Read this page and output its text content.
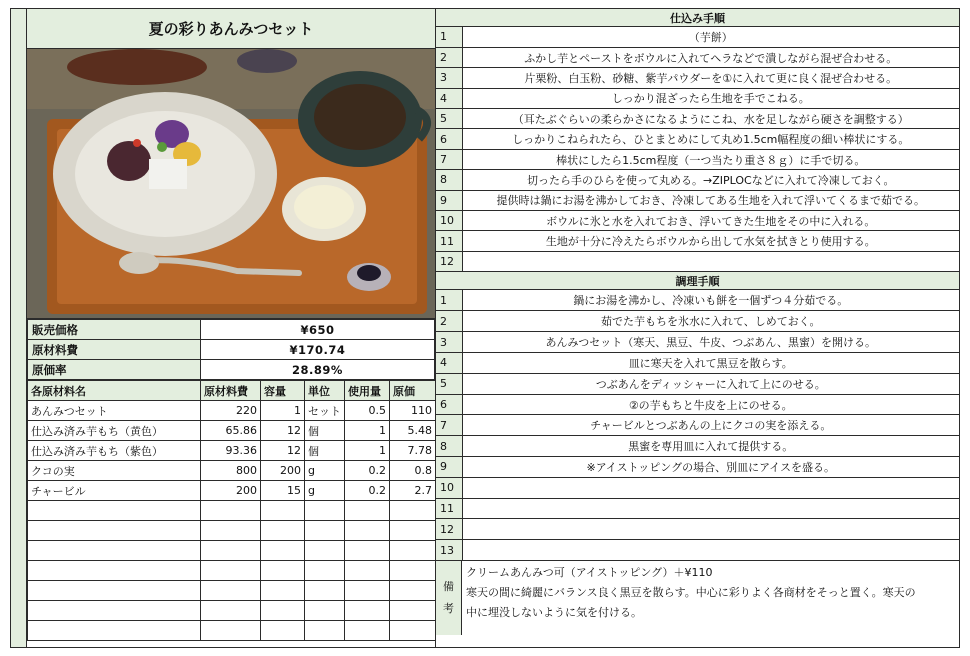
夏の彩りあんみつセット
販売価格	¥650
原材料費	¥170.74
原価率	28.89%
各原材料名	原材料費	容量	単位	使用量	原価
あんみつセット	220	1	セット	0.5	110
仕込み済み芋もち（黄色）	65.86	12	個	1	5.48
仕込み済み芋もち（紫色）	93.36	12	個	1	7.78
クコの実	800	200	g	0.2	0.8
チャービル	200	15	g	0.2	2.7

仕込み手順
1	（芋餅）
2	ふかし芋とペーストをボウルに入れてヘラなどで潰しながら混ぜ合わせる。
3	片栗粉、白玉粉、砂糖、紫芋パウダーを①に入れて更に良く混ぜ合わせる。
4	しっかり混ざったら生地を手でこねる。
5	（耳たぶぐらいの柔らかさになるようにこね、水を足しながら硬さを調整する）
6	しっかりこねられたら、ひとまとめにして丸め1.5cm幅程度の細い棒状にする。
7	棒状にしたら1.5cm程度（一つ当たり重さ８ｇ）に手で切る。
8	切ったら手のひらを使って丸める。→ZIPLOCなどに入れて冷凍しておく。
9	提供時は鍋にお湯を沸かしておき、冷凍してある生地を入れて浮いてくるまで茹でる。
10	ボウルに氷と水を入れておき、浮いてきた生地をその中に入れる。
11	生地が十分に冷えたらボウルから出して水気を拭きとり使用する。
12	
調理手順
1	鍋にお湯を沸かし、冷凍いも餅を一個ずつ４分茹でる。
2	茹でた芋もちを氷水に入れて、しめておく。
3	あんみつセット（寒天、黒豆、牛皮、つぶあん、黒蜜）を開ける。
4	皿に寒天を入れて黒豆を散らす。
5	つぶあんをディッシャーに入れて上にのせる。
6	②の芋もちと牛皮を上にのせる。
7	チャービルとつぶあんの上にクコの実を添える。
8	黒蜜を専用皿に入れて提供する。
9	※アイストッピングの場合、別皿にアイスを盛る。
10	
11	
12	
13	
備
考
クリームあんみつ可（アイストッピング）＋¥110
寒天の間に綺麗にバランス良く黒豆を散らす。中心に彩りよく各商材をそっと置く。寒天の
中に埋没しないように気を付ける。
